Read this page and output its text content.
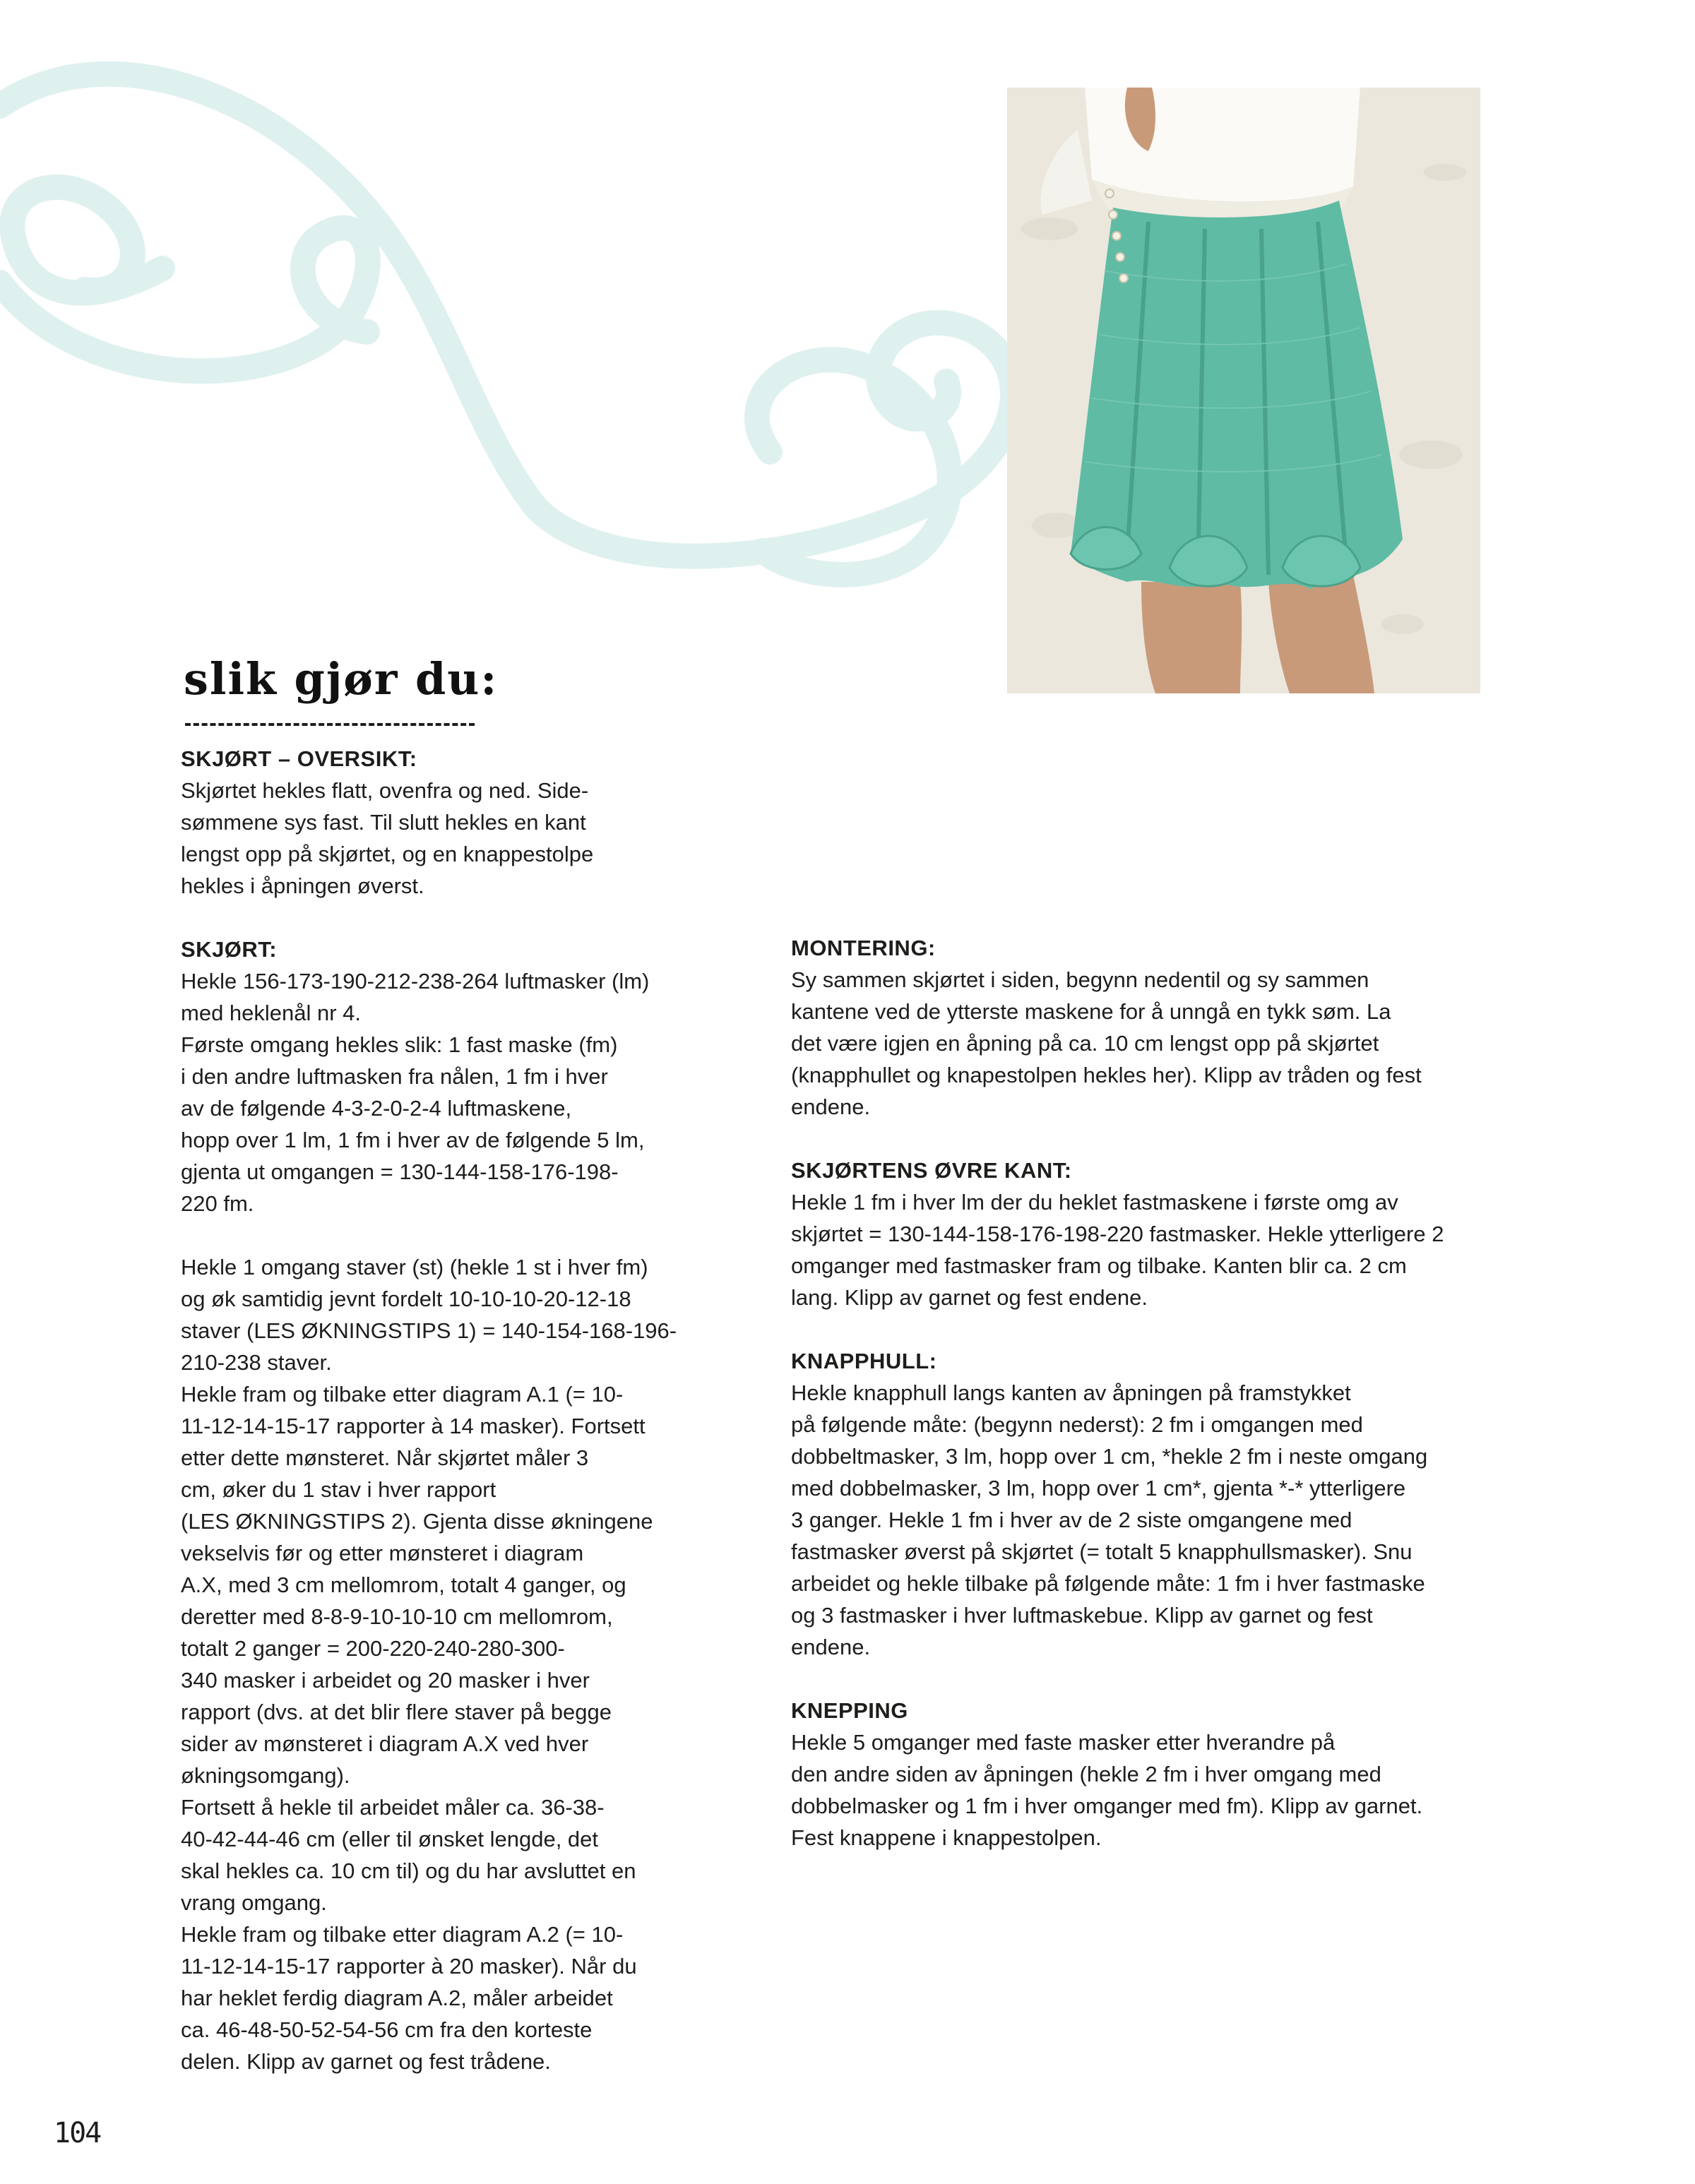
slik gjør du:
SKJØRT – OVERSIKT:
Skjørtet hekles flatt, ovenfra og ned. Side-
sømmene sys fast. Til slutt hekles en kant
lengst opp på skjørtet, og en knappestolpe
hekles i åpningen øverst.
SKJØRT:
Hekle 156-173-190-212-238-264 luftmasker (lm)
med heklenål nr 4.
Første omgang hekles slik: 1 fast maske (fm)
i den andre luftmasken fra nålen, 1 fm i hver
av de følgende 4-3-2-0-2-4 luftmaskene,
hopp over 1 lm, 1 fm i hver av de følgende 5 lm,
gjenta ut omgangen = 130-144-158-176-198-
220 fm.
Hekle 1 omgang staver (st) (hekle 1 st i hver fm)
og øk samtidig jevnt fordelt 10-10-10-20-12-18
staver (LES ØKNINGSTIPS 1) = 140-154-168-196-
210-238 staver.
Hekle fram og tilbake etter diagram A.1 (= 10-
11-12-14-15-17 rapporter à 14 masker). Fortsett
etter dette mønsteret. Når skjørtet måler 3
cm, øker du 1 stav i hver rapport
(LES ØKNINGSTIPS 2). Gjenta disse økningene
vekselvis før og etter mønsteret i diagram
A.X, med 3 cm mellomrom, totalt 4 ganger, og
deretter med 8-8-9-10-10-10 cm mellomrom,
totalt 2 ganger = 200-220-240-280-300-
340 masker i arbeidet og 20 masker i hver
rapport (dvs. at det blir flere staver på begge
sider av mønsteret i diagram A.X ved hver
økningsomgang).
Fortsett å hekle til arbeidet måler ca. 36-38-
40-42-44-46 cm (eller til ønsket lengde, det
skal hekles ca. 10 cm til) og du har avsluttet en
vrang omgang.
Hekle fram og tilbake etter diagram A.2 (= 10-
11-12-14-15-17 rapporter à 20 masker). Når du
har heklet ferdig diagram A.2, måler arbeidet
ca. 46-48-50-52-54-56 cm fra den korteste
delen. Klipp av garnet og fest trådene.
MONTERING:
Sy sammen skjørtet i siden, begynn nedentil og sy sammen
kantene ved de ytterste maskene for å unngå en tykk søm. La
det være igjen en åpning på ca. 10 cm lengst opp på skjørtet
(knapphullet og knapestolpen hekles her). Klipp av tråden og fest
endene.
SKJØRTENS ØVRE KANT:
Hekle 1 fm i hver lm der du heklet fastmaskene i første omg av
skjørtet = 130-144-158-176-198-220 fastmasker. Hekle ytterligere 2
omganger med fastmasker fram og tilbake. Kanten blir ca. 2 cm
lang. Klipp av garnet og fest endene.
KNAPPHULL:
Hekle knapphull langs kanten av åpningen på framstykket
på følgende måte: (begynn nederst): 2 fm i omgangen med
dobbeltmasker, 3 lm, hopp over 1 cm, *hekle 2 fm i neste omgang
med dobbelmasker, 3 lm, hopp over 1 cm*, gjenta *-* ytterligere
3 ganger. Hekle 1 fm i hver av de 2 siste omgangene med
fastmasker øverst på skjørtet (= totalt 5 knapphullsmasker). Snu
arbeidet og hekle tilbake på følgende måte: 1 fm i hver fastmaske
og 3 fastmasker i hver luftmaskebue. Klipp av garnet og fest
endene.
KNEPPING
Hekle 5 omganger med faste masker etter hverandre på
den andre siden av åpningen (hekle 2 fm i hver omgang med
dobbelmasker og 1 fm i hver omganger med fm). Klipp av garnet.
Fest knappene i knappestolpen.
104
